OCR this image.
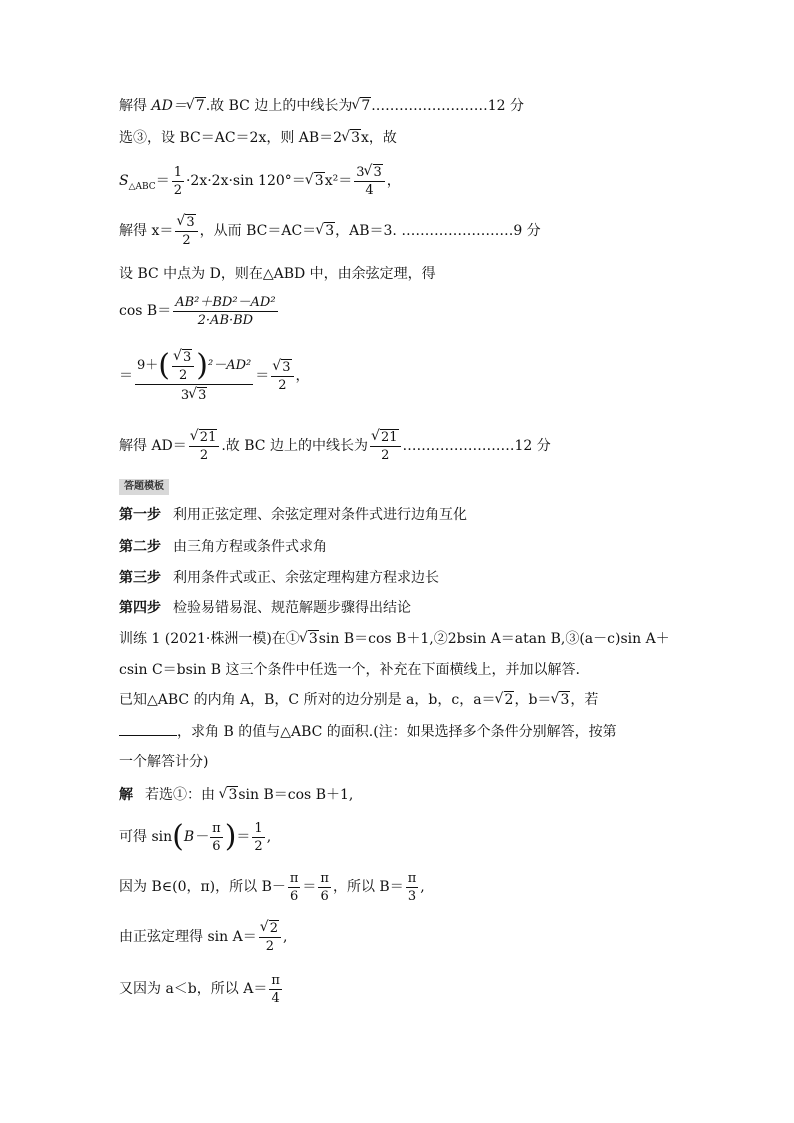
解得 AD＝√ 7.故 BC 边上的中线长为√ 7.……………………12 分
选③，设 BC＝AC＝2x，则 AB＝2√ 3x，故
$S_{\triangle ABC}= \frac{1}{2} \cdot 2x\cdot 2x\cdot\sin$ 120°＝√ $3x^2= \frac{3√ 3}{4}$ ，
解得 x＝
√ $\frac{3}{2}$ ，从而 BC＝AC＝√ 3，AB＝3. ……………………9 分
设 BC 中点为 D，则在△ABD 中，由余弦定理，得
$\cos B= \frac{\text{AB²＋BD²－AD²}}{2\cdot AB\cdot BD}$
＝ 9＋ (
√ $\frac{3}{2}$ ) ²－AD²
3√ 3 ＝
√ $\frac{3}{2}$ ，
解得 AD＝
√ $\frac{21}{2}$ .故 BC 边上的中线长为
√ $\frac{21}{2}$ ……………………12 分
答题模板
第一步 利用正弦定理、余弦定理对条件式进行边角互化
第二步 由三角方程或条件式求角
第三步 利用条件式或正、余弦定理构建方程求边长
第四步 检验易错易混、规范解题步骤得出结论
训练 1 (2021·株洲一模)在①√ 3sin B＝cos B＋1,②2bsin A＝atan B,③(a－c)sin A＋
csin C＝bsin B 这三个条件中任选一个，补充在下面横线上，并加以解答.
已知△ABC 的内角 A，B，C 所对的边分别是 a，b，c，a＝√ 2，b＝√ 3，若
，求角 B 的值与△ABC 的面积.(注：如果选择多个条件分别解答，按第
一个解答计分)
解 若选①：由 √ 3sin B＝cos B＋1,
可得 $\sin(B- \frac{\pi}{6}$ )＝ $\frac{1}{2}$ ,
因为 B∈(0，π)，所以 $B- \frac{\pi}{6} = \frac{\pi}{6}$ ，所以 $B= \frac{\pi}{3}$ ,
由正弦定理得 sin A＝
√ $\frac{2}{2}$ ,
又因为 a＜b，所以 $A= \frac{\pi}{4}$
